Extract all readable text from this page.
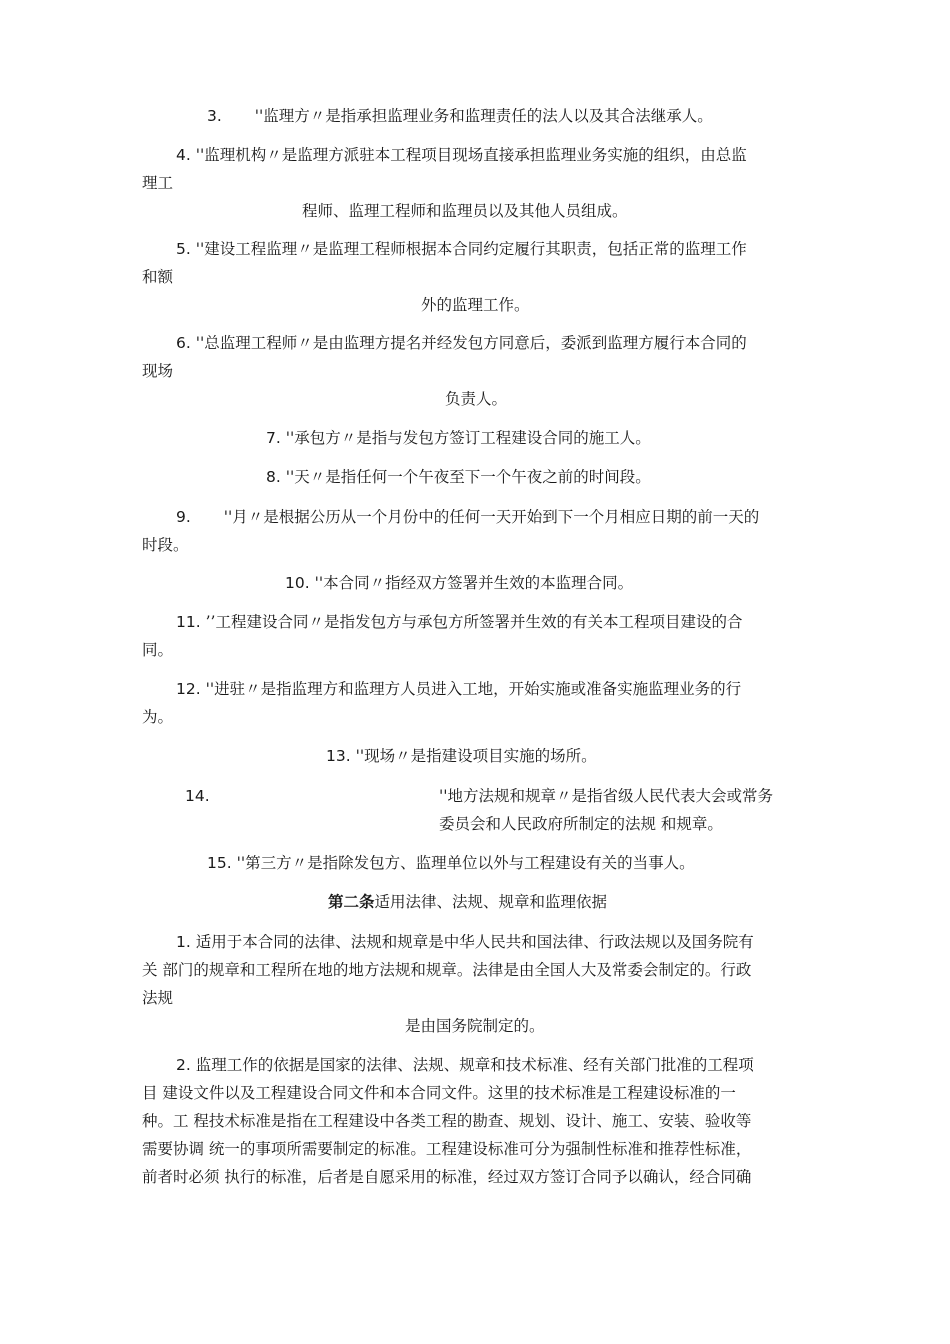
3. ''监理方〃是指承担监理业务和监理责任的法人以及其合法继承人。
4. ''监理机构〃是监理方派驻本工程项目现场直接承担监理业务实施的组织，由总监
理工
程师、监理工程师和监理员以及其他人员组成。
5. ''建设工程监理〃是监理工程师根据本合同约定履行其职责，包括正常的监理工作
和额
外的监理工作。
6. ''总监理工程师〃是由监理方提名并经发包方同意后，委派到监理方履行本合同的
现场
负责人。
7. ''承包方〃是指与发包方签订工程建设合同的施工人。
8. ''天〃是指任何一个午夜至下一个午夜之前的时间段。
9. ''月〃是根据公历从一个月份中的任何一天开始到下一个月相应日期的前一天的
时段。
10. ''本合同〃指经双方签署并生效的本监理合同。
11. ’’工程建设合同〃是指发包方与承包方所签署并生效的有关本工程项目建设的合
同。
12. ''进驻〃是指监理方和监理方人员进入工地，开始实施或准备实施监理业务的行
为。
13. ''现场〃是指建设项目实施的场所。
14.	''地方法规和规章〃是指省级人民代表大会或常务
委员会和人民政府所制定的法规 和规章。
15. ''第三方〃是指除发包方、监理单位以外与工程建设有关的当事人。
第二条适用法律、法规、规章和监理依据
1. 适用于本合同的法律、法规和规章是中华人民共和国法律、行政法规以及国务院有
关 部门的规章和工程所在地的地方法规和规章。法律是由全国人大及常委会制定的。行政
法规
是由国务院制定的。
2. 监理工作的依据是国家的法律、法规、规章和技术标准、经有关部门批准的工程项
目 建设文件以及工程建设合同文件和本合同文件。这里的技术标准是工程建设标准的一
种。工 程技术标准是指在工程建设中各类工程的勘查、规划、设计、施工、安装、验收等
需要协调 统一的事项所需要制定的标准。工程建设标准可分为强制性标准和推荐性标准，
前者时必须 执行的标准，后者是自愿采用的标准，经过双方签订合同予以确认，经合同确
